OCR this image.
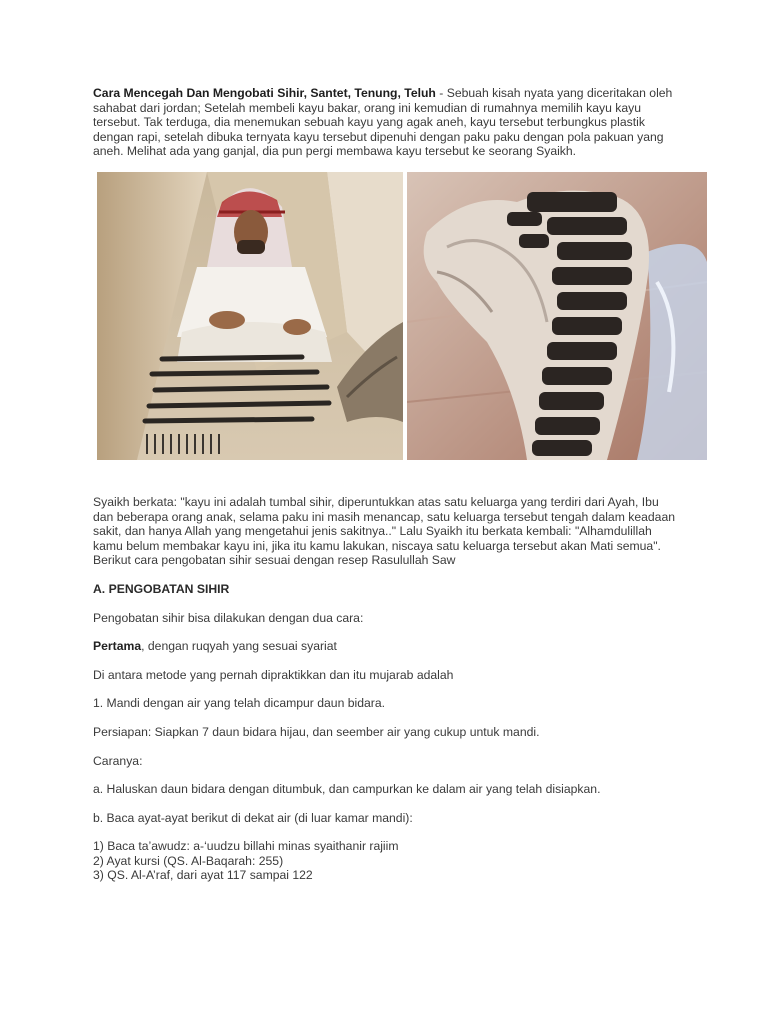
Cara Mencegah Dan Mengobati Sihir, Santet, Tenung, Teluh - Sebuah kisah nyata yang diceritakan oleh sahabat dari jordan; Setelah membeli kayu bakar, orang ini kemudian di rumahnya memilih kayu kayu tersebut. Tak terduga, dia menemukan sebuah kayu yang agak aneh, kayu tersebut terbungkus plastik dengan rapi, setelah dibuka ternyata kayu tersebut dipenuhi dengan paku paku dengan pola pakuan yang aneh. Melihat ada yang ganjal, dia pun pergi membawa kayu tersebut ke seorang Syaikh.

Syaikh berkata: "kayu ini adalah tumbal sihir, diperuntukkan atas satu keluarga yang terdiri dari Ayah, Ibu dan beberapa orang anak, selama paku ini masih menancap, satu keluarga tersebut tengah dalam keadaan sakit, dan hanya Allah yang mengetahui jenis sakitnya.." Lalu Syaikh itu berkata kembali: "Alhamdulillah kamu belum membakar kayu ini, jika itu kamu lakukan, niscaya satu keluarga tersebut akan Mati semua". Berikut cara pengobatan sihir sesuai dengan resep Rasulullah Saw

A. PENGOBATAN SIHIR

Pengobatan sihir bisa dilakukan dengan dua cara:

Pertama, dengan ruqyah yang sesuai syariat

Di antara metode yang pernah dipraktikkan dan itu mujarab adalah

1. Mandi dengan air yang telah dicampur daun bidara.

Persiapan: Siapkan 7 daun bidara hijau, dan seember air yang cukup untuk mandi.

Caranya:

a. Haluskan daun bidara dengan ditumbuk, dan campurkan ke dalam air yang telah disiapkan.

b. Baca ayat-ayat berikut di dekat air (di luar kamar mandi):

1) Baca ta’awudz: a-‘uudzu billahi minas syaithanir rajiim
2) Ayat kursi (QS. Al-Baqarah: 255)
3) QS. Al-A’raf, dari ayat 117 sampai 122
